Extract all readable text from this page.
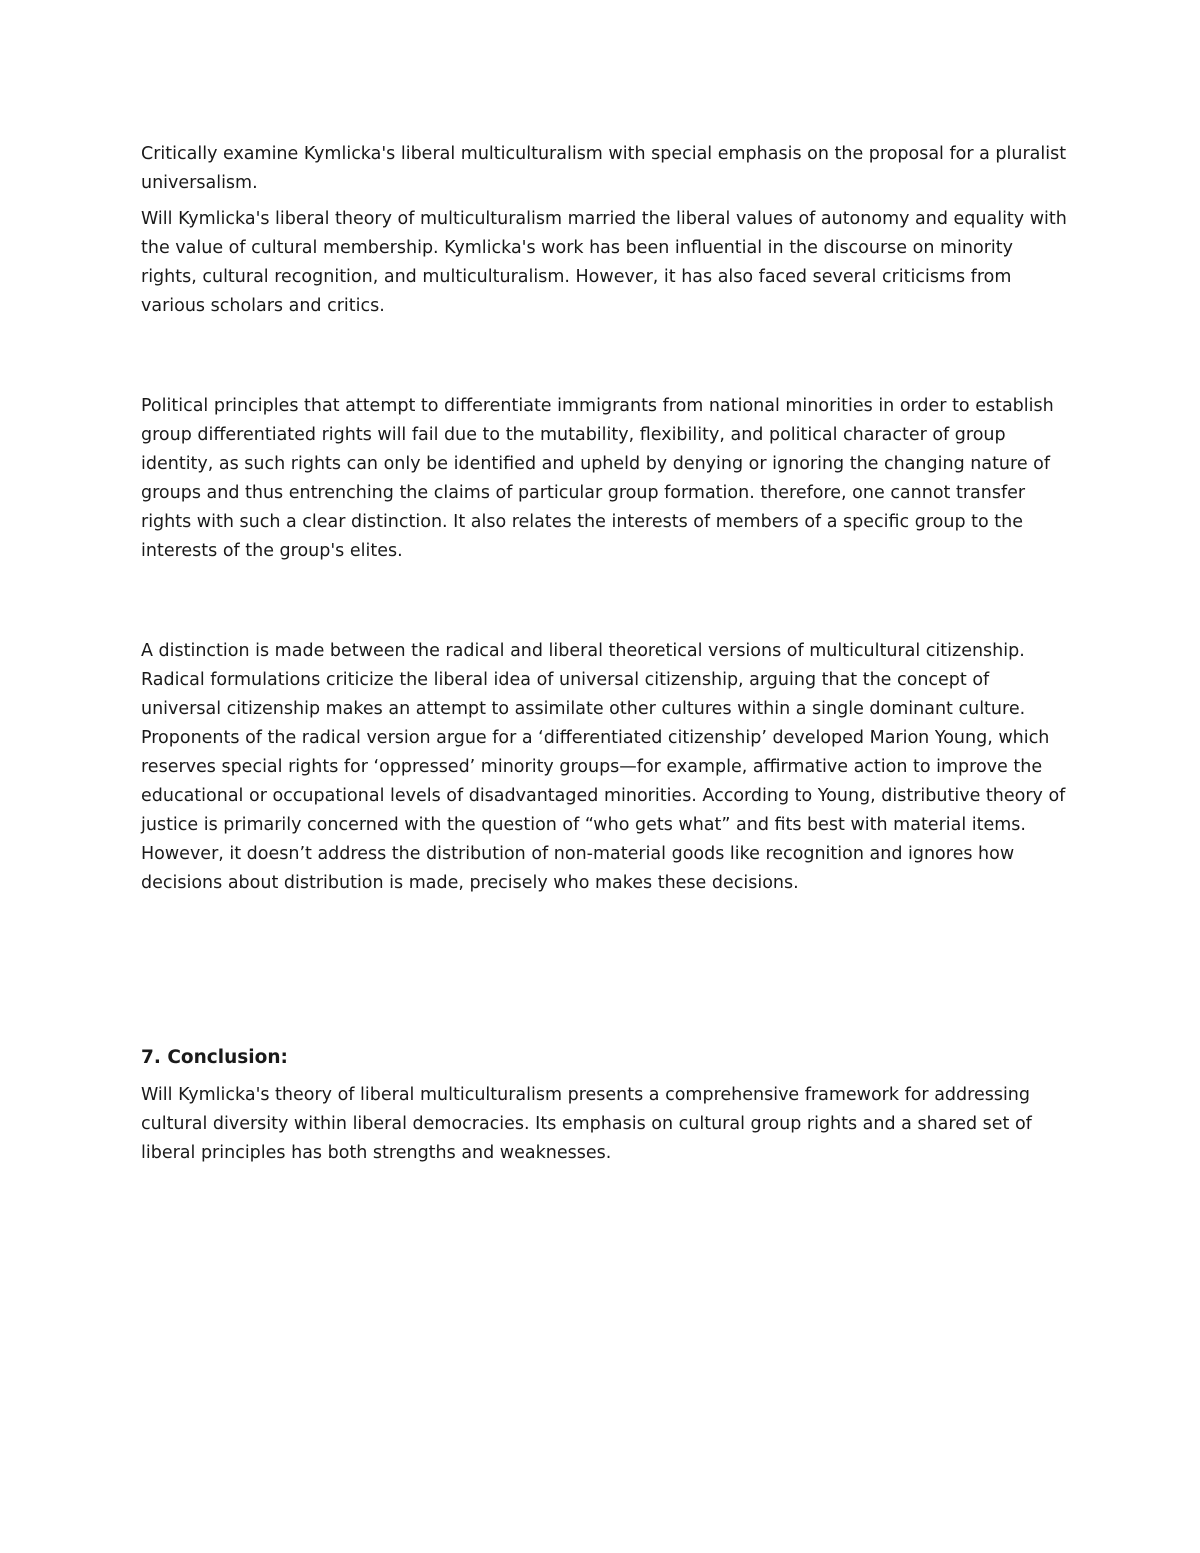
Critically examine Kymlicka's liberal multiculturalism with special emphasis on the proposal for a pluralist universalism.

Will Kymlicka's liberal theory of multiculturalism married the liberal values of autonomy and equality with the value of cultural membership. Kymlicka's work has been influential in the discourse on minority rights, cultural recognition, and multiculturalism. However, it has also faced several criticisms from various scholars and critics.

Political principles that attempt to differentiate immigrants from national minorities in order to establish group differentiated rights will fail due to the mutability, flexibility, and political character of group identity, as such rights can only be identified and upheld by denying or ignoring the changing nature of groups and thus entrenching the claims of particular group formation. therefore, one cannot transfer rights with such a clear distinction. It also relates the interests of members of a specific group to the interests of the group's elites.

A distinction is made between the radical and liberal theoretical versions of multicultural citizenship. Radical formulations criticize the liberal idea of universal citizenship, arguing that the concept of universal citizenship makes an attempt to assimilate other cultures within a single dominant culture. Proponents of the radical version argue for a ‘differentiated citizenship’ developed Marion Young, which reserves special rights for ‘oppressed’ minority groups—for example, affirmative action to improve the educational or occupational levels of disadvantaged minorities. According to Young, distributive theory of justice is primarily concerned with the question of “who gets what” and fits best with material items. However, it doesn’t address the distribution of non-material goods like recognition and ignores how decisions about distribution is made, precisely who makes these decisions.

7. Conclusion:

Will Kymlicka's theory of liberal multiculturalism presents a comprehensive framework for addressing cultural diversity within liberal democracies. Its emphasis on cultural group rights and a shared set of liberal principles has both strengths and weaknesses.
